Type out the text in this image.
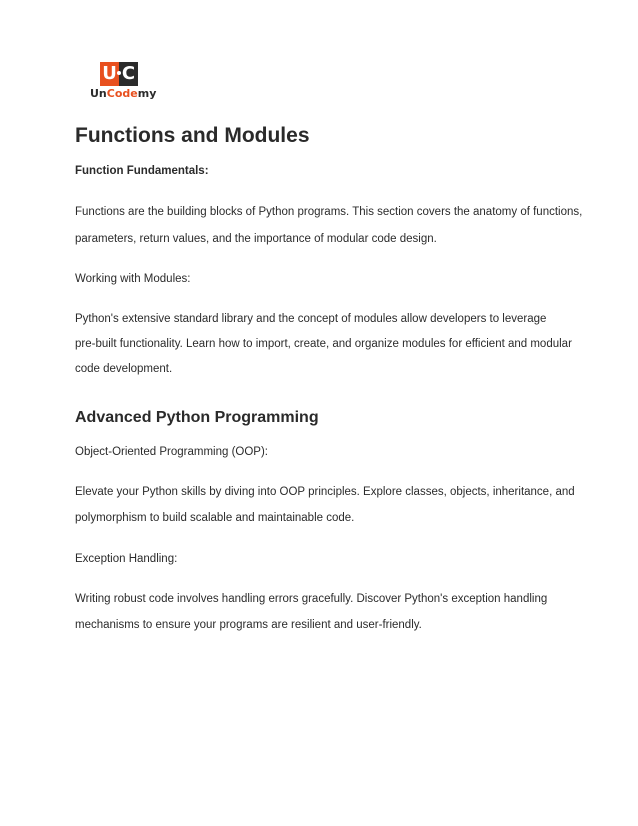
U C
UnCodemy
Functions and Modules

Function Fundamentals:

Functions are the building blocks of Python programs. This section covers the anatomy of functions,

parameters, return values, and the importance of modular code design.

Working with Modules:

Python's extensive standard library and the concept of modules allow developers to leverage

pre-built functionality. Learn how to import, create, and organize modules for efficient and modular

code development.

Advanced Python Programming

Object-Oriented Programming (OOP):

Elevate your Python skills by diving into OOP principles. Explore classes, objects, inheritance, and

polymorphism to build scalable and maintainable code.

Exception Handling:

Writing robust code involves handling errors gracefully. Discover Python's exception handling

mechanisms to ensure your programs are resilient and user-friendly.
